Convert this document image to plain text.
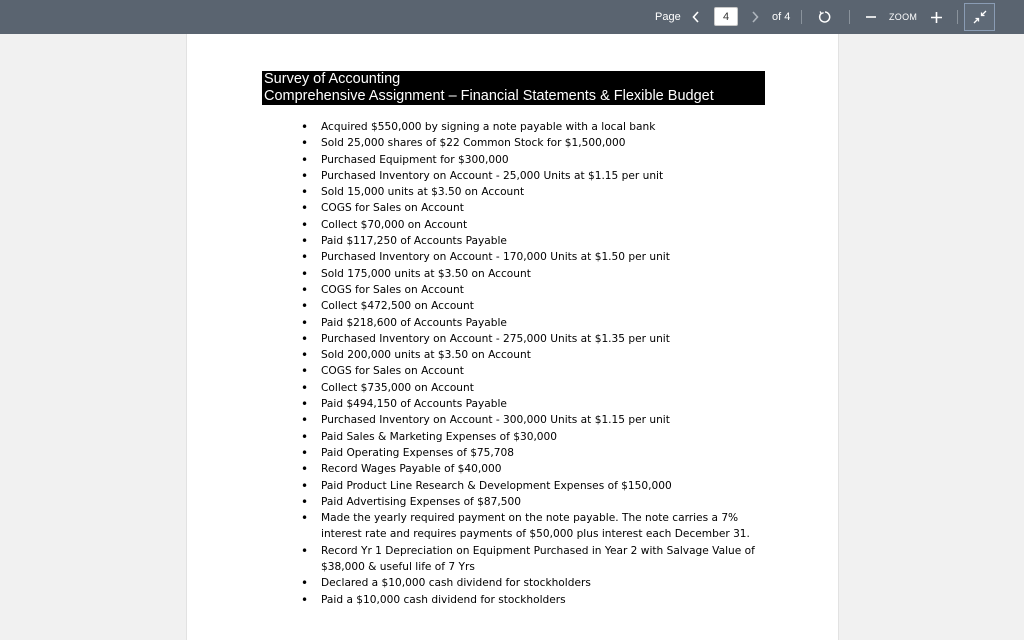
Page
4	of 4	ZOOM
Survey of Accounting
Comprehensive Assignment – Financial Statements & Flexible Budget
• Acquired $550,000 by signing a note payable with a local bank
• Sold 25,000 shares of $22 Common Stock for $1,500,000
• Purchased Equipment for $300,000
• Purchased Inventory on Account - 25,000 Units at $1.15 per unit
• Sold 15,000 units at $3.50 on Account
• COGS for Sales on Account
• Collect $70,000 on Account
• Paid $117,250 of Accounts Payable
• Purchased Inventory on Account - 170,000 Units at $1.50 per unit
• Sold 175,000 units at $3.50 on Account
• COGS for Sales on Account
• Collect $472,500 on Account
• Paid $218,600 of Accounts Payable
• Purchased Inventory on Account - 275,000 Units at $1.35 per unit
• Sold 200,000 units at $3.50 on Account
• COGS for Sales on Account
• Collect $735,000 on Account
• Paid $494,150 of Accounts Payable
• Purchased Inventory on Account - 300,000 Units at $1.15 per unit
• Paid Sales & Marketing Expenses of $30,000
• Paid Operating Expenses of $75,708
• Record Wages Payable of $40,000
• Paid Product Line Research & Development Expenses of $150,000
• Paid Advertising Expenses of $87,500
• Made the yearly required payment on the note payable. The note carries a 7% interest rate and requires payments of $50,000 plus interest each December 31.
• Record Yr 1 Depreciation on Equipment Purchased in Year 2 with Salvage Value of $38,000 & useful life of 7 Yrs
• Declared a $10,000 cash dividend for stockholders
• Paid a $10,000 cash dividend for stockholders
